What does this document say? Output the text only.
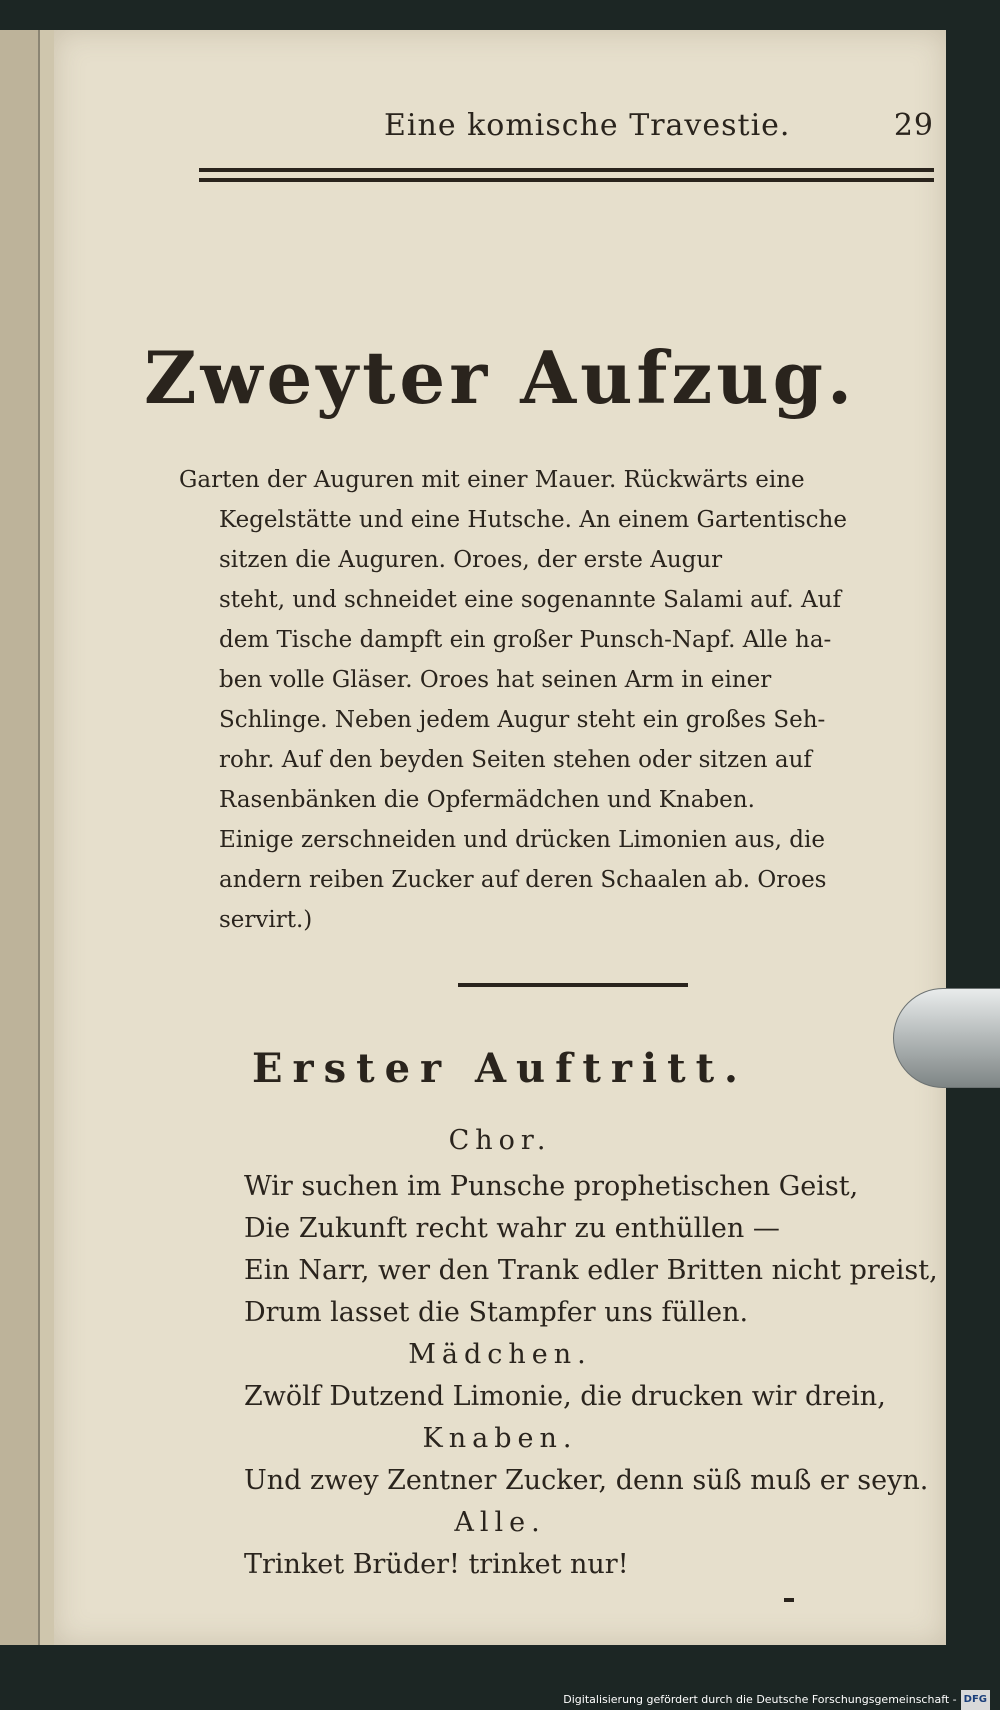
Eine komische Travestie.	29
Zweyter Aufzug.
Garten der Auguren mit einer Mauer. Rückwärts eine
Kegelstätte und eine Hutsche. An einem Gartentische
sitzen die Auguren. Oroes, der erste Augur
steht, und schneidet eine sogenannte Salami auf. Auf
dem Tische dampft ein großer Punsch-Napf. Alle ha-
ben volle Gläser. Oroes hat seinen Arm in einer
Schlinge. Neben jedem Augur steht ein großes Seh-
rohr. Auf den beyden Seiten stehen oder sitzen auf
Rasenbänken die Opfermädchen und Knaben.
Einige zerschneiden und drücken Limonien aus, die
andern reiben Zucker auf deren Schaalen ab. Oroes
servirt.)
Erster Auftritt.
Chor.
Wir suchen im Punsche prophetischen Geist,
Die Zukunft recht wahr zu enthüllen —
Ein Narr, wer den Trank edler Britten nicht preist,
Drum lasset die Stampfer uns füllen.
Mädchen.
Zwölf Dutzend Limonie, die drucken wir drein,
Knaben.
Und zwey Zentner Zucker, denn süß muß er seyn.
Alle.
Trinket Brüder! trinket nur!
Digitalisierung gefördert durch die Deutsche Forschungsgemeinschaft - DFG
